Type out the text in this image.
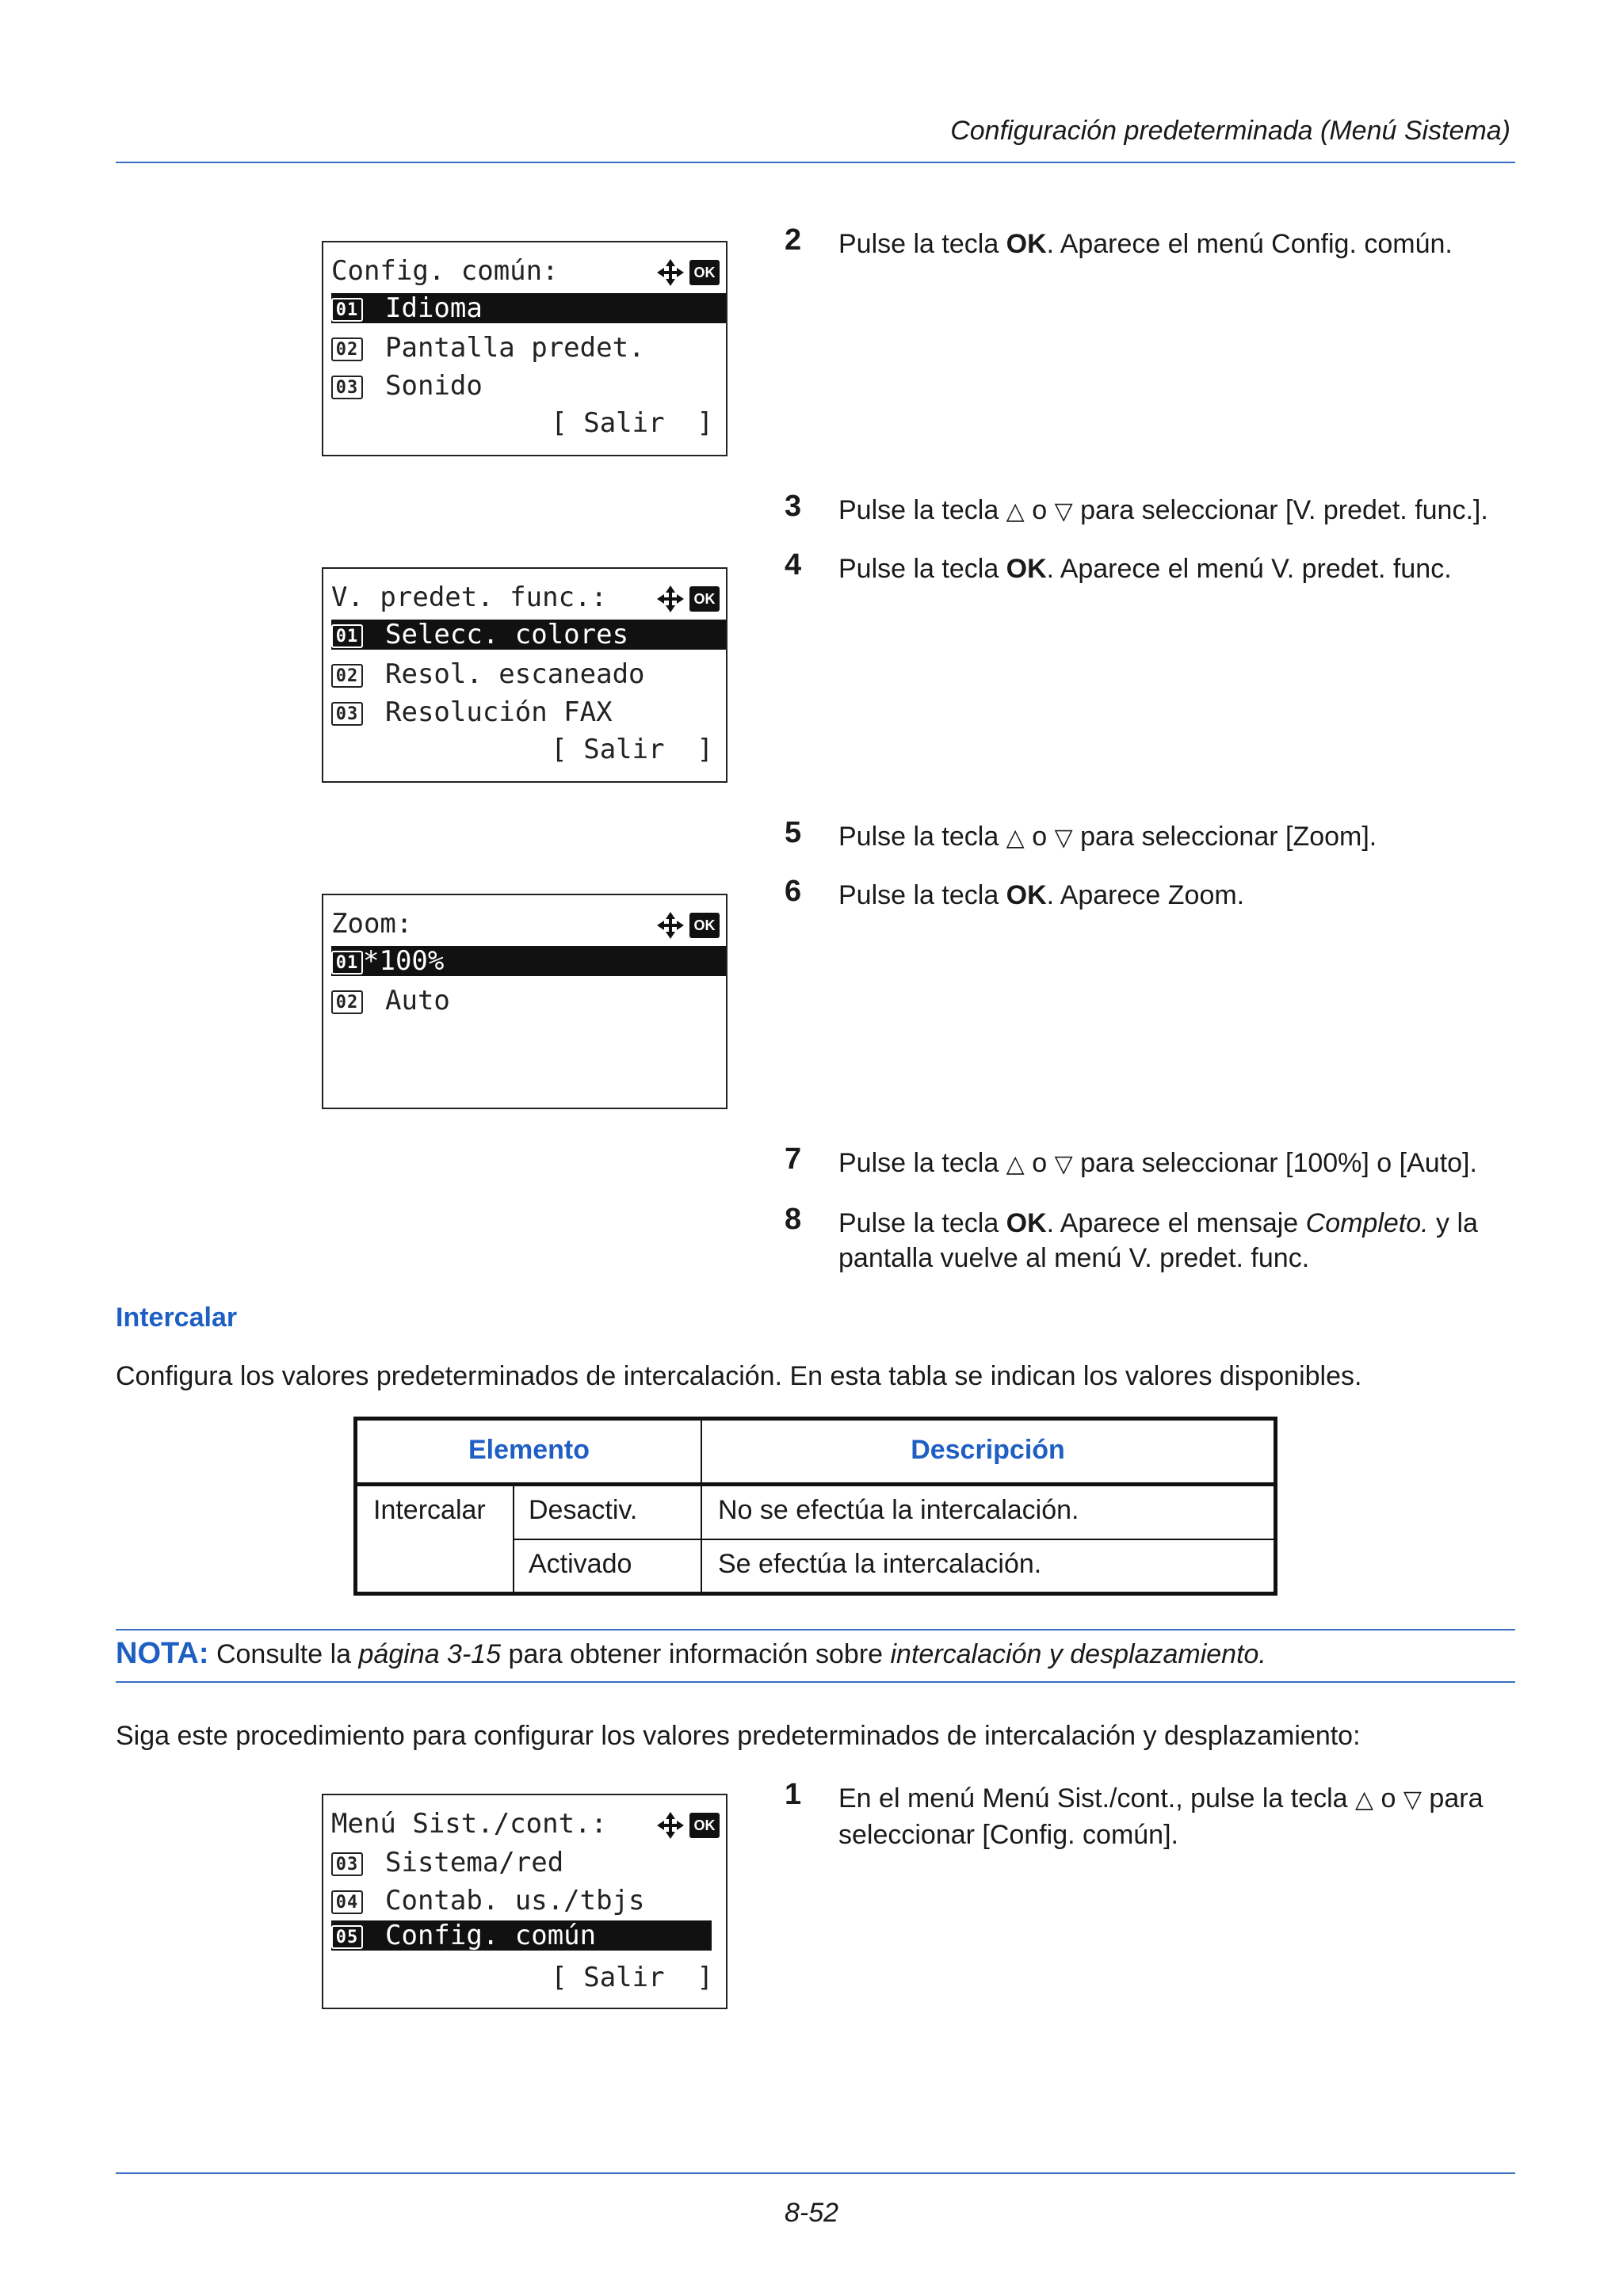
Configuración predeterminada (Menú Sistema)
Config. común:	OK
01 Idioma
02 Pantalla predet.
03 Sonido
[ Salir  ]
V. predet. func.:	OK
01 Selecc. colores
02 Resol. escaneado
03 Resolución FAX
[ Salir  ]
Zoom:	OK
01 *100%
02 Auto
2 Pulse la tecla OK. Aparece el menú Config. común.
3 Pulse la tecla △ o ▽ para seleccionar [V. predet. func.].
4 Pulse la tecla OK. Aparece el menú V. predet. func.
5 Pulse la tecla △ o ▽ para seleccionar [Zoom].
6 Pulse la tecla OK. Aparece Zoom.
7 Pulse la tecla △ o ▽ para seleccionar [100%] o [Auto].
8 Pulse la tecla OK. Aparece el mensaje Completo. y la
pantalla vuelve al menú V. predet. func.
Intercalar
Configura los valores predeterminados de intercalación. En esta tabla se indican los valores disponibles.
Elemento	Descripción
Intercalar Desactiv.	No se efectúa la intercalación.
Activado	Se efectúa la intercalación.
NOTA: Consulte la página 3-15 para obtener información sobre intercalación y desplazamiento.
Siga este procedimiento para configurar los valores predeterminados de intercalación y desplazamiento:
Menú Sist./cont.:	OK
03 Sistema/red
04 Contab. us./tbjs
05 Config. común
[ Salir  ]
1 En el menú Menú Sist./cont., pulse la tecla △ o ▽ para
seleccionar [Config. común].
8-52
